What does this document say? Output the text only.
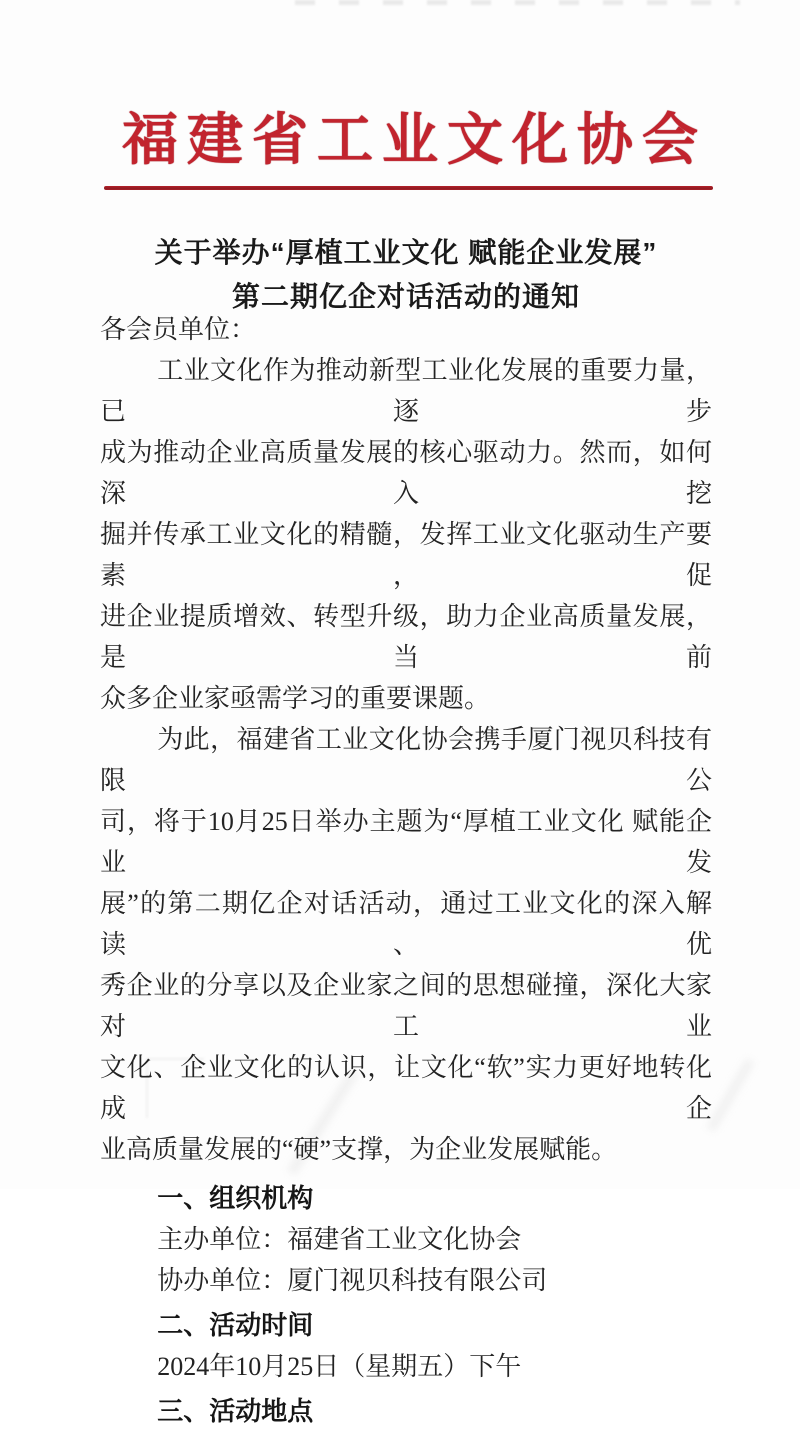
福建省工业文化协会
关于举办“厚植工业文化 赋能企业发展”
第二期亿企对话活动的通知
各会员单位：
工业文化作为推动新型工业化发展的重要力量，已逐步
成为推动企业高质量发展的核心驱动力。然而，如何深入挖
掘并传承工业文化的精髓，发挥工业文化驱动生产要素，促
进企业提质增效、转型升级，助力企业高质量发展，是当前
众多企业家亟需学习的重要课题。
为此，福建省工业文化协会携手厦门视贝科技有限公
司，将于10月25日举办主题为“厚植工业文化 赋能企业发
展”的第二期亿企对话活动，通过工业文化的深入解读、优
秀企业的分享以及企业家之间的思想碰撞，深化大家对工业
文化、企业文化的认识，让文化“软”实力更好地转化成企
业高质量发展的“硬”支撑，为企业发展赋能。
一、组织机构
主办单位：福建省工业文化协会
协办单位：厦门视贝科技有限公司
二、活动时间
2024年10月25日（星期五）下午
三、活动地点
